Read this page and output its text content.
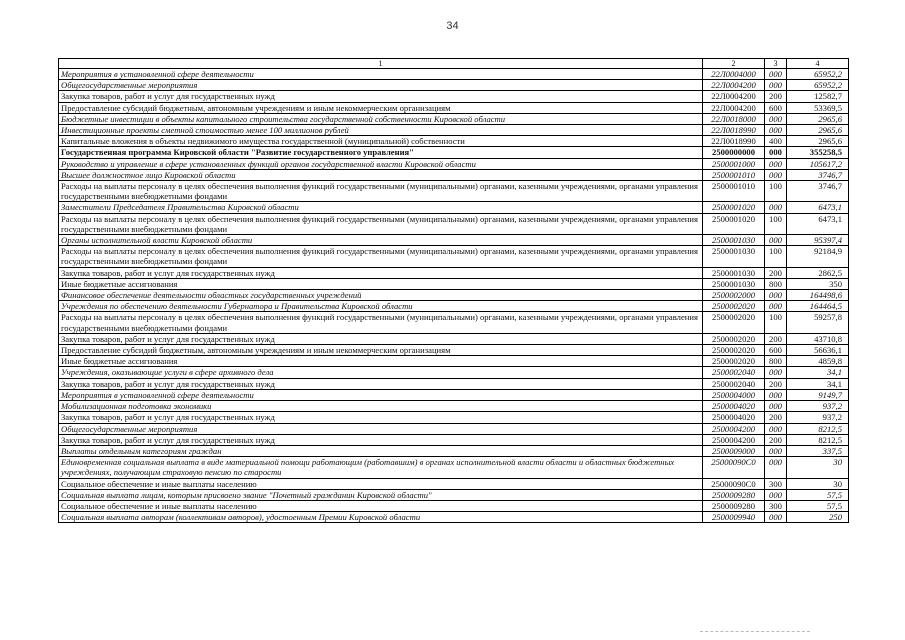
34
1	2	3	4
Мероприятия в установленной сфере деятельности	22Л0004000	000	65952,2
Общегосударственные мероприятия	22Л0004200	000	65952,2
Закупка товаров, работ и услуг для государственных нужд	22Л0004200	200	12582,7
Предоставление субсидий бюджетным, автономным учреждениям и иным некоммерческим организациям	22Л0004200	600	53369,5
Бюджетные инвестиции в объекты капитального строительства государственной собственности Кировской области	22Л0018000	000	2965,6
Инвестиционные проекты сметной стоимостью менее 100 миллионов рублей	22Л0018990	000	2965,6
Капитальные вложения в объекты недвижимого имущества государственной (муниципальной) собственности	22Л0018990	400	2965,6
Государственная программа Кировской области "Развитие государственного управления"	2500000000	000	355258,5
Руководство и управление в сфере установленных функций органов государственной власти Кировской области	2500001000	000	105617,2
Высшее должностное лицо Кировской области	2500001010	000	3746,7
Расходы на выплаты персоналу в целях обеспечения выполнения функций государственными (муниципальными) органами, казенными учреждениями, органами управления государственными внебюджетными фондами	2500001010	100	3746,7
Заместители Председателя Правительства Кировской области	2500001020	000	6473,1
Расходы на выплаты персоналу в целях обеспечения выполнения функций государственными (муниципальными) органами, казенными учреждениями, органами управления государственными внебюджетными фондами	2500001020	100	6473,1
Органы исполнительной власти Кировской области	2500001030	000	95397,4
Расходы на выплаты персоналу в целях обеспечения выполнения функций государственными (муниципальными) органами, казенными учреждениями, органами управления государственными внебюджетными фондами	2500001030	100	92184,9
Закупка товаров, работ и услуг для государственных нужд	2500001030	200	2862,5
Иные бюджетные ассигнования	2500001030	800	350
Финансовое обеспечение деятельности областных государственных учреждений	2500002000	000	164498,6
Учреждения по обеспечению деятельности Губернатора и Правительства Кировской области	2500002020	000	164464,5
Расходы на выплаты персоналу в целях обеспечения выполнения функций государственными (муниципальными) органами, казенными учреждениями, органами управления государственными внебюджетными фондами	2500002020	100	59257,8
Закупка товаров, работ и услуг для государственных нужд	2500002020	200	43710,8
Предоставление субсидий бюджетным, автономным учреждениям и иным некоммерческим организациям	2500002020	600	56636,1
Иные бюджетные ассигнования	2500002020	800	4859,8
Учреждения, оказывающие услуги в сфере архивного дела	2500002040	000	34,1
Закупка товаров, работ и услуг для государственных нужд	2500002040	200	34,1
Мероприятия в установленной сфере деятельности	2500004000	000	9149,7
Мобилизационная подготовка экономики	2500004020	000	937,2
Закупка товаров, работ и услуг для государственных нужд	2500004020	200	937,2
Общегосударственные мероприятия	2500004200	000	8212,5
Закупка товаров, работ и услуг для государственных нужд	2500004200	200	8212,5
Выплаты отдельным категориям граждан	2500009000	000	337,5
Единовременная социальная выплата в виде материальной помощи работающим (работавшим) в органах исполнительной власти области и областных бюджетных учреждениях, получающим страховую пенсию по старости	25000090С0	000	30
Социальное обеспечение и иные выплаты населению	25000090С0	300	30
Социальная выплата лицам, которым присвоено звание "Почетный гражданин Кировской области"	2500009280	000	57,5
Социальное обеспечение и иные выплаты населению	2500009280	300	57,5
Социальная выплата авторам (коллективам авторов), удостоенным Премии Кировской области	2500009940	000	250
